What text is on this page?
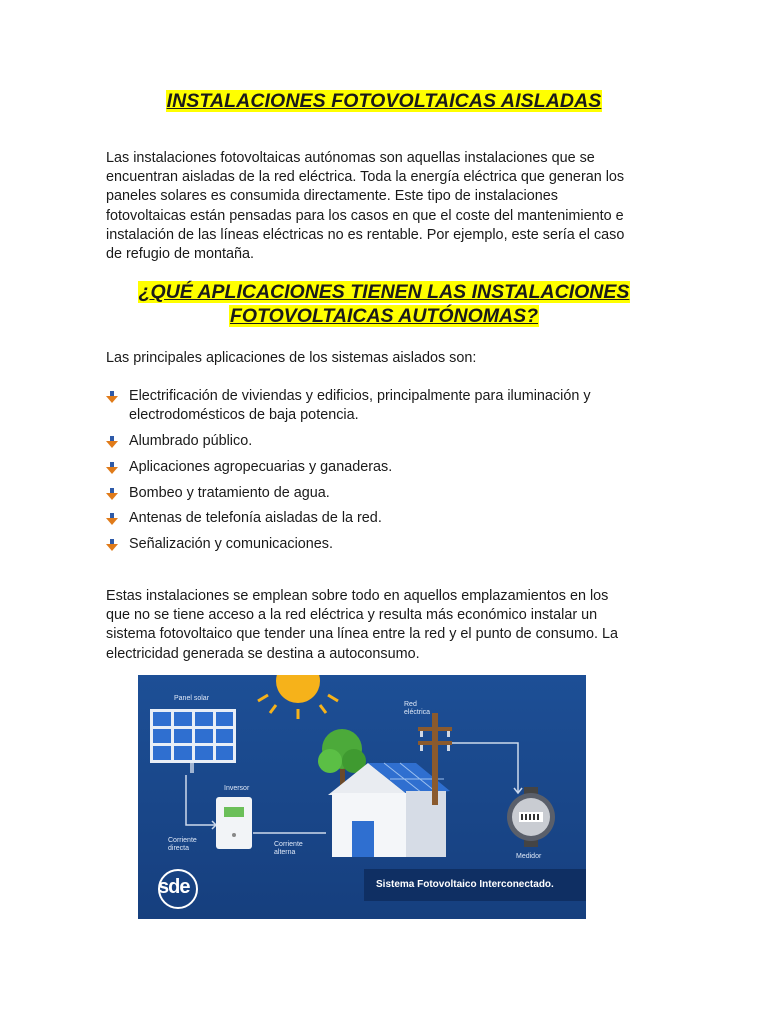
INSTALACIONES FOTOVOLTAICAS AISLADAS

Las instalaciones fotovoltaicas autónomas son aquellas instalaciones que se
encuentran aisladas de la red eléctrica. Toda la energía eléctrica que generan los
paneles solares es consumida directamente. Este tipo de instalaciones
fotovoltaicas están pensadas para los casos en que el coste del mantenimiento e
instalación de las líneas eléctricas no es rentable. Por ejemplo, este sería el caso
de refugio de montaña.

¿QUÉ APLICACIONES TIENEN LAS INSTALACIONES
FOTOVOLTAICAS AUTÓNOMAS?

Las principales aplicaciones de los sistemas aislados son:

Electrificación de viviendas y edificios, principalmente para iluminación y
electrodomésticos de baja potencia.
Alumbrado público.
Aplicaciones agropecuarias y ganaderas.
Bombeo y tratamiento de agua.
Antenas de telefonía aisladas de la red.
Señalización y comunicaciones.

Estas instalaciones se emplean sobre todo en aquellos emplazamientos en los
que no se tiene acceso a la red eléctrica y resulta más económico instalar un
sistema fotovoltaico que tender una línea entre la red y el punto de consumo. La
electricidad generada se destina a autoconsumo.

Panel solar
Red
eléctrica
Inversor
Corriente
directa
Corriente
alterna
Medidor
sde	Sistema Fotovoltaico Interconectado.
